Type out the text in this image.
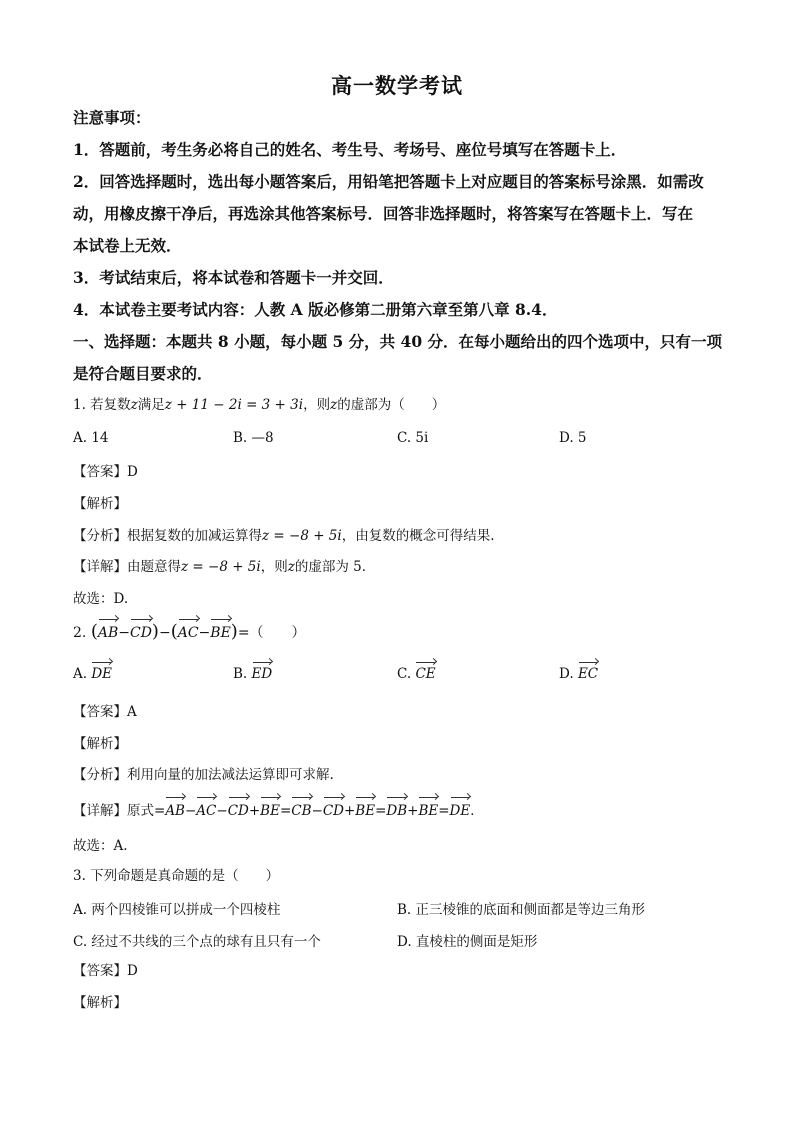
高一数学考试

注意事项：

1．答题前，考生务必将自己的姓名、考生号、考场号、座位号填写在答题卡上．

2．回答选择题时，选出每小题答案后，用铅笔把答题卡上对应题目的答案标号涂黑．如需改

动，用橡皮擦干净后，再选涂其他答案标号．回答非选择题时，将答案写在答题卡上．写在

本试卷上无效．

3．考试结束后，将本试卷和答题卡一并交回．

4．本试卷主要考试内容：人教 A 版必修第二册第六章至第八章 8.4．

一、选择题：本题共 8 小题，每小题 5 分，共 40 分．在每小题给出的四个选项中，只有一项

是符合题目要求的．

1. 若复数z满足z + 11 − 2i = 3 + 3i，则z的虚部为（　　）
A. 14	B. —8	C. 5i	D. 5
【答案】D
【解析】
【分析】根据复数的加减运算得z = −8 + 5i，由复数的概念可得结果.
【详解】由题意得z = −8 + 5i，则z的虚部为 5．
故选：D.
2. (AB−CD)−(AC−BE)=（　　）
A. DE	B. ED	C. CE	D. EC
【答案】A
【解析】
【分析】利用向量的加法减法运算即可求解.
【详解】原式=AB−AC−CD+BE=CB−CD+BE=DB+BE=DE．
故选：A.
3. 下列命题是真命题的是（　　）
A. 两个四棱锥可以拼成一个四棱柱	B. 正三棱锥的底面和侧面都是等边三角形
C. 经过不共线的三个点的球有且只有一个	D. 直棱柱的侧面是矩形
【答案】D
【解析】
